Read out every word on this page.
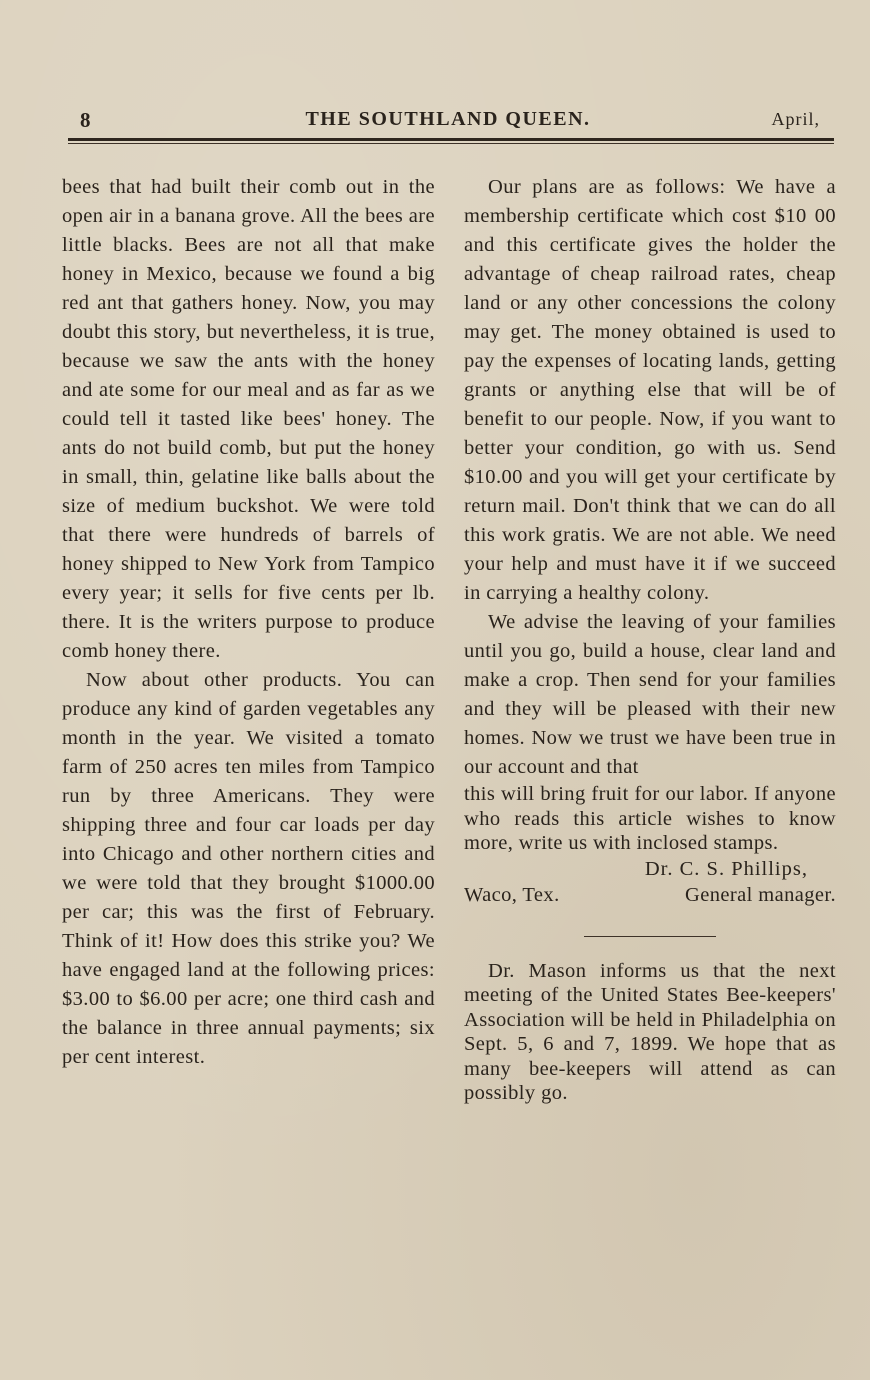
8	THE SOUTHLAND QUEEN.	April,

bees that had built their comb out in the open air in a banana grove. All the bees are little blacks. Bees are not all that make honey in Mexico, because we found a big red ant that gathers honey. Now, you may doubt this story, but nevertheless, it is true, because we saw the ants with the honey and ate some for our meal and as far as we could tell it tasted like bees' honey. The ants do not build comb, but put the honey in small, thin, gelatine like balls about the size of medium buckshot. We were told that there were hundreds of barrels of honey shipped to New York from Tampico every year; it sells for five cents per lb. there. It is the writers purpose to produce comb honey there.

Now about other products. You can produce any kind of garden vegetables any month in the year. We visited a tomato farm of 250 acres ten miles from Tampico run by three Americans. They were shipping three and four car loads per day into Chicago and other northern cities and we were told that they brought $1000.00 per car; this was the first of February. Think of it! How does this strike you? We have engaged land at the following prices: $3.00 to $6.00 per acre; one third cash and the balance in three annual payments; six per cent interest.

Our plans are as follows: We have a membership certificate which cost $10 00 and this certificate gives the holder the advantage of cheap railroad rates, cheap land or any other concessions the colony may get. The money obtained is used to pay the expenses of locating lands, getting grants or anything else that will be of benefit to our people. Now, if you want to better your condition, go with us. Send $10.00 and you will get your certificate by return mail. Don't think that we can do all this work gratis. We are not able. We need your help and must have it if we succeed in carrying a healthy colony.

We advise the leaving of your families until you go, build a house, clear land and make a crop. Then send for your families and they will be pleased with their new homes. Now we trust we have been true in our account and that

this will bring fruit for our labor. If anyone who reads this article wishes to know more, write us with inclosed stamps.

Dr. C. S. Phillips,
Waco, Tex.	General manager.

Dr. Mason informs us that the next meeting of the United States Bee-keepers' Association will be held in Philadelphia on Sept. 5, 6 and 7, 1899. We hope that as many bee-keepers will attend as can possibly go.
